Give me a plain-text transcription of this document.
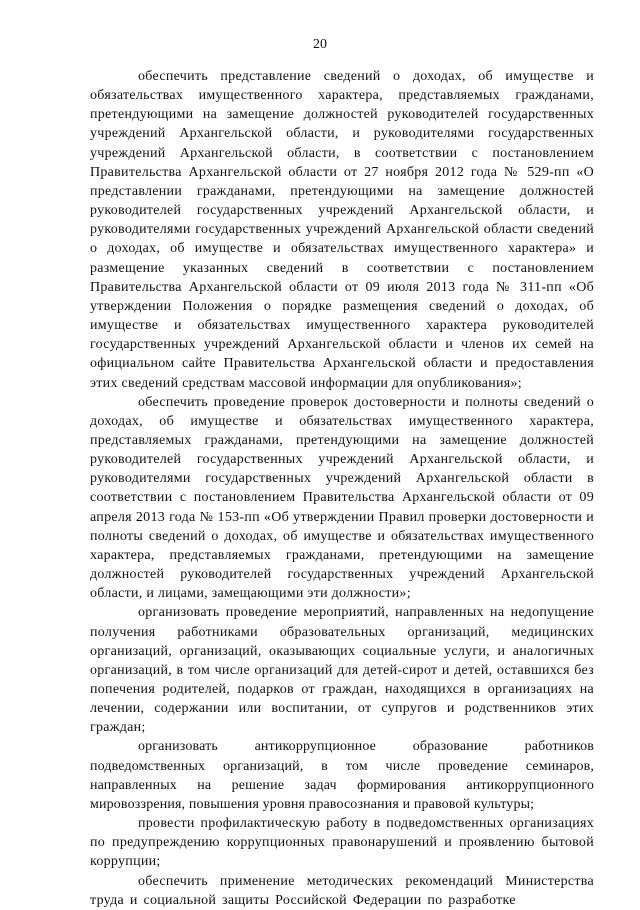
20

обеспечить представление сведений о доходах, об имуществе и обязательствах имущественного характера, представляемых гражданами, претендующими на замещение должностей руководителей государственных учреждений Архангельской области, и руководителями государственных учреждений Архангельской области, в соответствии с постановлением Правительства Архангельской области от 27 ноября 2012 года № 529-пп «О представлении гражданами, претендующими на замещение должностей руководителей государственных учреждений Архангельской области, и руководителями государственных учреждений Архангельской области сведений о доходах, об имуществе и обязательствах имущественного характера» и размещение указанных сведений в соответствии с постановлением Правительства Архангельской области от 09 июля 2013 года № 311-пп «Об утверждении Положения о порядке размещения сведений о доходах, об имуществе и обязательствах имущественного характера руководителей государственных учреждений Архангельской области и членов их семей на официальном сайте Правительства Архангельской области и предоставления этих сведений средствам массовой информации для опубликования»;

обеспечить проведение проверок достоверности и полноты сведений о доходах, об имуществе и обязательствах имущественного характера, представляемых гражданами, претендующими на замещение должностей руководителей государственных учреждений Архангельской области, и руководителями государственных учреждений Архангельской области в соответствии с постановлением Правительства Архангельской области от 09 апреля 2013 года № 153-пп «Об утверждении Правил проверки достоверности и полноты сведений о доходах, об имуществе и обязательствах имущественного характера, представляемых гражданами, претендующими на замещение должностей руководителей государственных учреждений Архангельской области, и лицами, замещающими эти должности»;

организовать проведение мероприятий, направленных на недопущение получения работниками образовательных организаций, медицинских организаций, организаций, оказывающих социальные услуги, и аналогичных организаций, в том числе организаций для детей-сирот и детей, оставшихся без попечения родителей, подарков от граждан, находящихся в организациях на лечении, содержании или воспитании, от супругов и родственников этих граждан;

организовать антикоррупционное образование работников подведомственных организаций, в том числе проведение семинаров, направленных на решение задач формирования антикоррупционного мировоззрения, повышения уровня правосознания и правовой культуры;

провести профилактическую работу в подведомственных организациях по предупреждению коррупционных правонарушений и проявлению бытовой коррупции;

обеспечить применение методических рекомендаций Министерства труда и социальной защиты Российской Федерации по разработке
